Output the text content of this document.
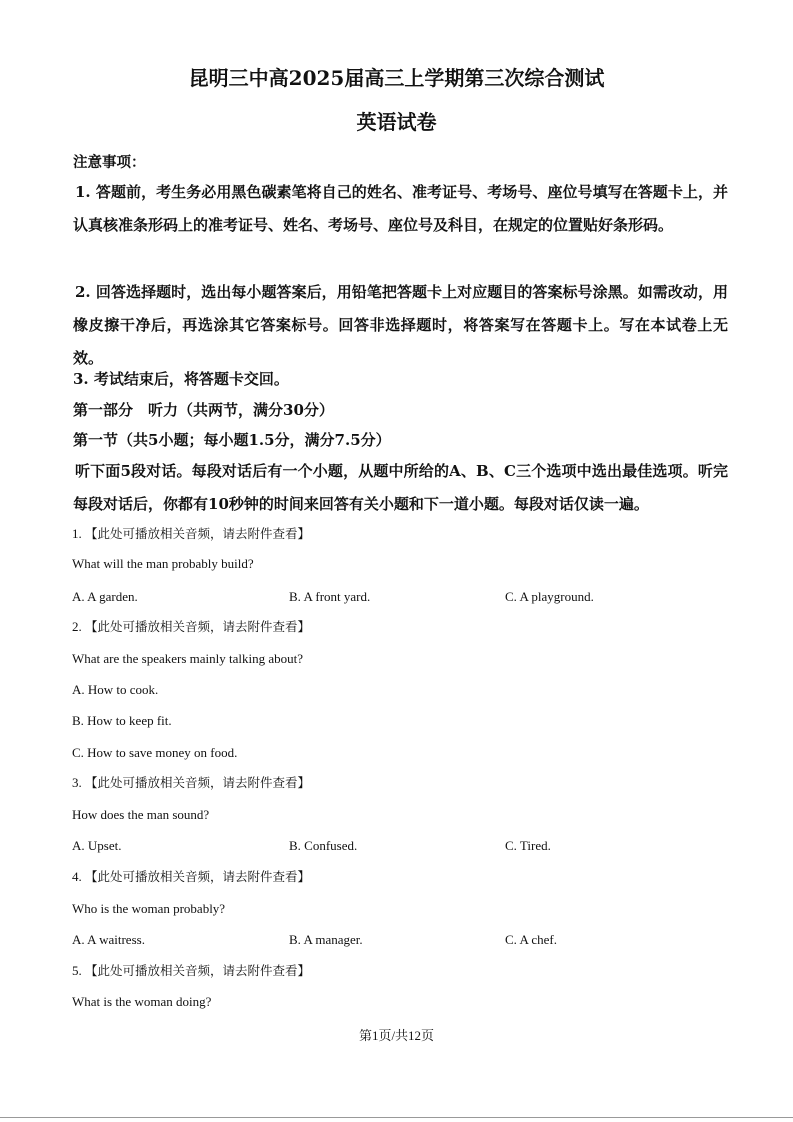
昆明三中高2025届高三上学期第三次综合测试
英语试卷
注意事项：
1. 答题前，考生务必用黑色碳素笔将自己的姓名、准考证号、考场号、座位号填写在答题卡上，并认真核准条形码上的准考证号、姓名、考场号、座位号及科目，在规定的位置贴好条形码。
2. 回答选择题时，选出每小题答案后，用铅笔把答题卡上对应题目的答案标号涂黑。如需改动，用橡皮擦干净后，再选涂其它答案标号。回答非选择题时，将答案写在答题卡上。写在本试卷上无效。
3. 考试结束后，将答题卡交回。
第一部分　听力（共两节，满分30分）
第一节（共5小题；每小题1.5分，满分7.5分）
听下面5段对话。每段对话后有一个小题，从题中所给的A、B、C三个选项中选出最佳选项。听完每段对话后，你都有10秒钟的时间来回答有关小题和下一道小题。每段对话仅读一遍。
1. 【此处可播放相关音频，请去附件查看】
What will the man probably build?
A. A garden.	B. A front yard.	C. A playground.
2. 【此处可播放相关音频，请去附件查看】
What are the speakers mainly talking about?
A. How to cook.
B. How to keep fit.
C. How to save money on food.
3. 【此处可播放相关音频，请去附件查看】
How does the man sound?
A. Upset.	B. Confused.	C. Tired.
4. 【此处可播放相关音频，请去附件查看】
Who is the woman probably?
A. A waitress.	B. A manager.	C. A chef.
5. 【此处可播放相关音频，请去附件查看】
What is the woman doing?
第1页/共12页
